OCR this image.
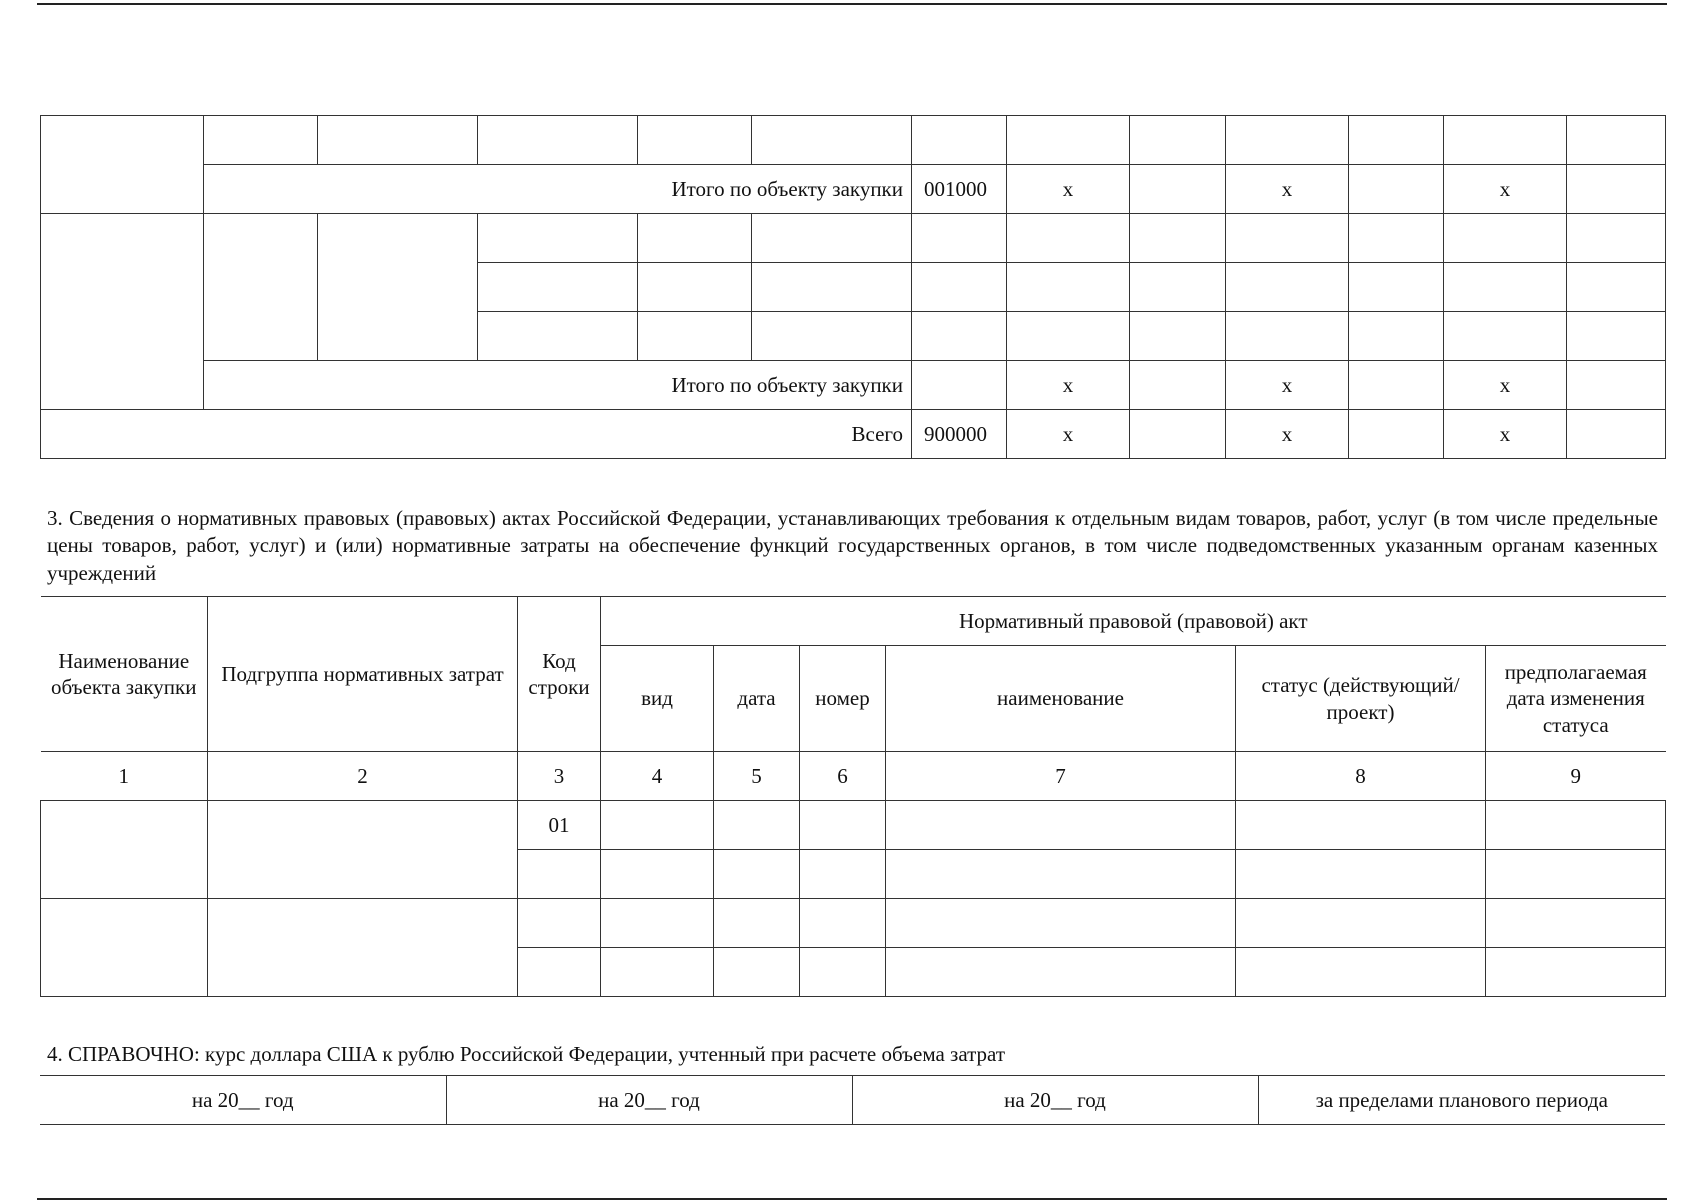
	Итого по объекту закупки					001000	x		x		x	

	Итого по объекту закупки						x		x		x	
Всего						900000	x		x		x	
3. Сведения о нормативных правовых (правовых) актах Российской Федерации, устанавливающих требования к отдельным видам товаров, работ, услуг (в том числе предельные цены товаров, работ, услуг) и (или) нормативные затраты на обеспечение функций государственных органов, в том числе подведомственных указанным органам казенных учреждений
Наименование объекта закупки	Подгруппа нормативных затрат	Код строки	Нормативный правовой (правовой) акт					
			вид	дата	номер	наименование	статус (действующий/проект)	предполагаемая дата изменения статуса
1	2	3	4	5	6	7	8	9
		01						

4. СПРАВОЧНО: курс доллара США к рублю Российской Федерации, учтенный при расчете объема затрат
на 20__ год	на 20__ год	на 20__ год	за пределами планового периода
